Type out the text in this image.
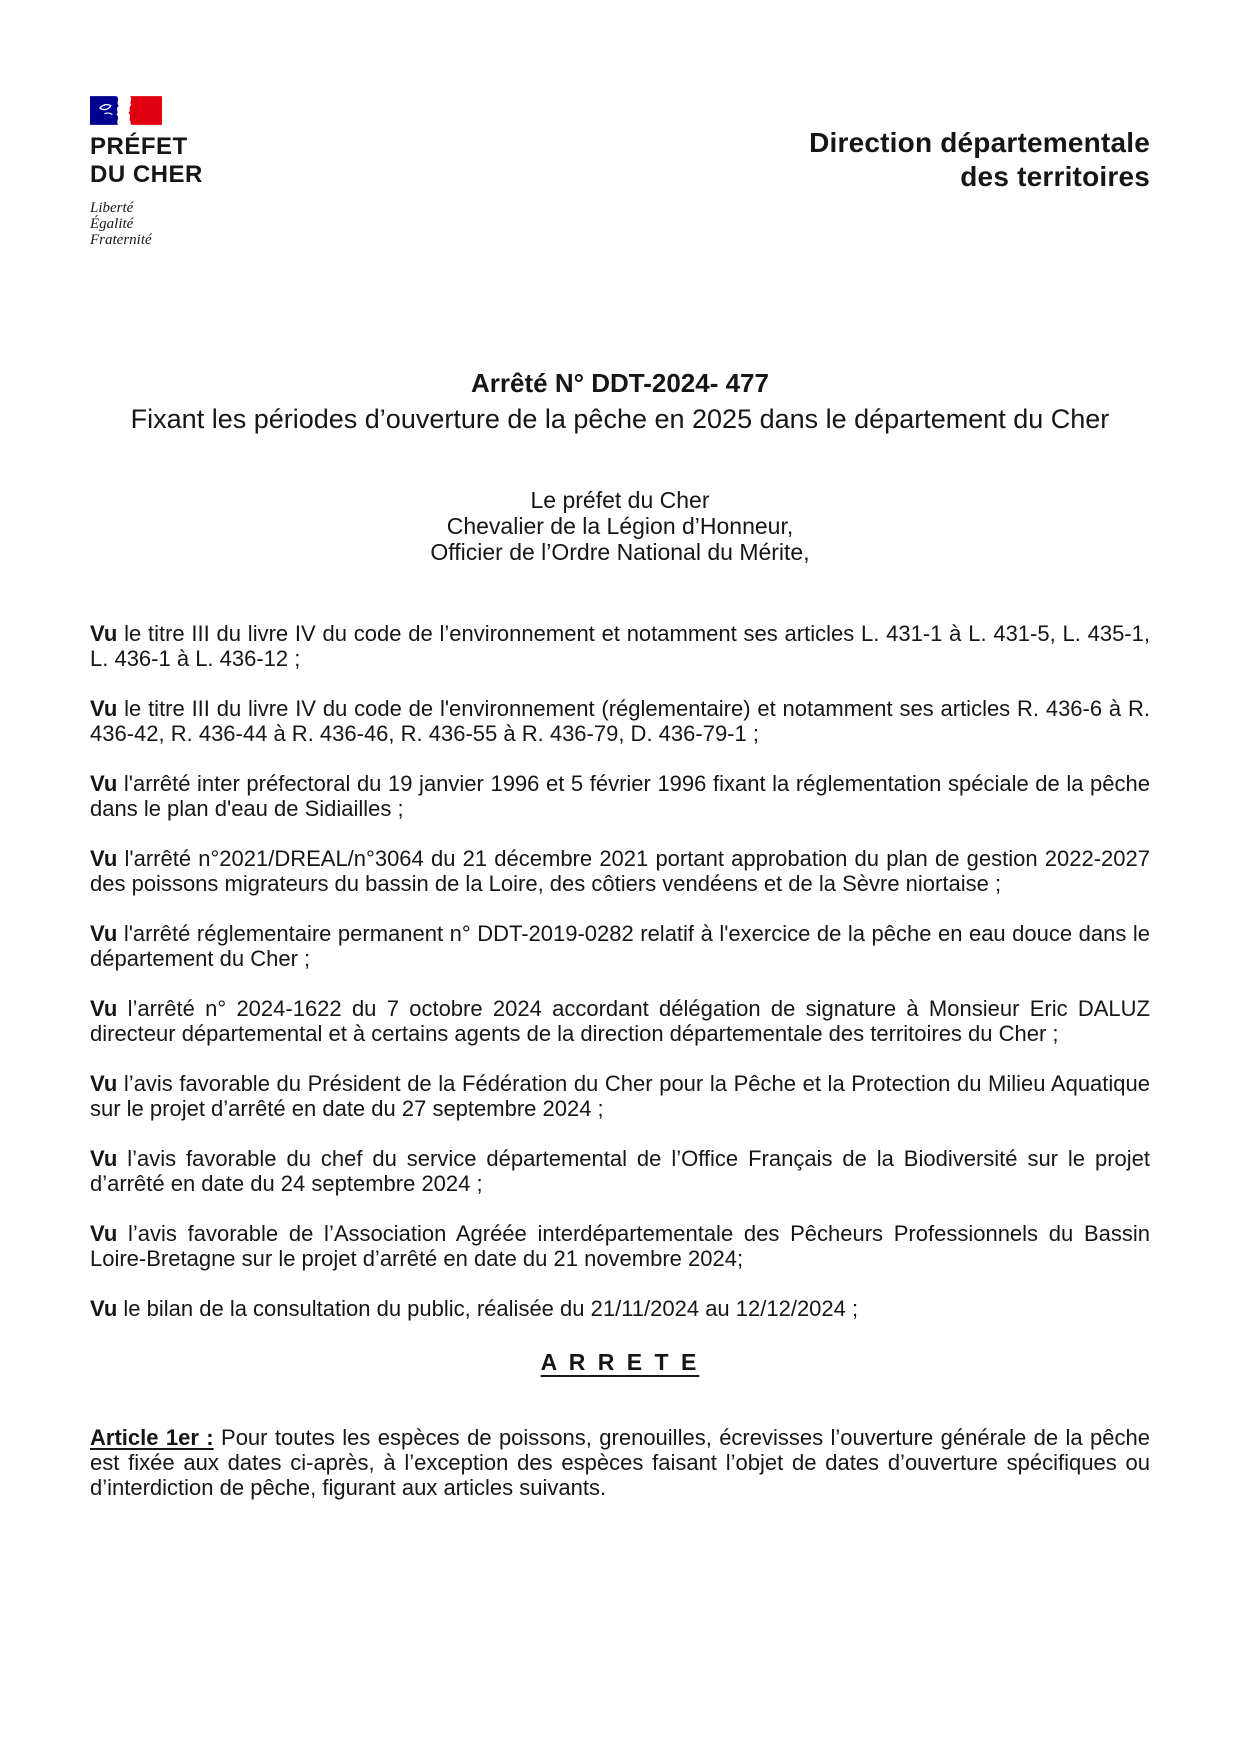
PRÉFET
DU CHER
Liberté
Égalité
Fraternité
Direction départementale
des territoires
Arrêté N° DDT-2024- 477
Fixant les périodes d’ouverture de la pêche en 2025 dans le département du Cher
Le préfet du Cher
Chevalier de la Légion d’Honneur,
Officier de l’Ordre National du Mérite,

Vu le titre III du livre IV du code de l’environnement et notamment ses articles L. 431-1 à L. 431-5, L. 435-1, L. 436-1 à L. 436-12 ;

Vu le titre III du livre IV du code de l'environnement (réglementaire) et notamment ses articles R. 436-6 à R. 436-42, R. 436-44 à R. 436-46, R. 436-55 à R. 436-79, D. 436-79-1 ;

Vu l'arrêté inter préfectoral du 19 janvier 1996 et 5 février 1996 fixant la réglementation spéciale de la pêche dans le plan d'eau de Sidiailles ;

Vu l'arrêté n°2021/DREAL/n°3064 du 21 décembre 2021 portant approbation du plan de gestion 2022-2027 des poissons migrateurs du bassin de la Loire, des côtiers vendéens et de la Sèvre niortaise ;

Vu l'arrêté réglementaire permanent n° DDT-2019-0282 relatif à l'exercice de la pêche en eau douce dans le département du Cher ;

Vu l’arrêté n° 2024-1622 du 7 octobre 2024 accordant délégation de signature à Monsieur Eric DALUZ directeur départemental et à certains agents de la direction départementale des territoires du Cher ;

Vu l’avis favorable du Président de la Fédération du Cher pour la Pêche et la Protection du Milieu Aquatique sur le projet d’arrêté en date du 27 septembre 2024 ;

Vu l’avis favorable du chef du service départemental de l’Office Français de la Biodiversité sur le projet d’arrêté en date du 24 septembre 2024 ;

Vu l’avis favorable de l’Association Agréée interdépartementale des Pêcheurs Professionnels du Bassin Loire-Bretagne sur le projet d’arrêté en date du 21 novembre 2024;

Vu le bilan de la consultation du public, réalisée du 21/11/2024 au 12/12/2024 ;

A R R E T E

Article 1er : Pour toutes les espèces de poissons, grenouilles, écrevisses l’ouverture générale de la pêche est fixée aux dates ci-après, à l’exception des espèces faisant l’objet de dates d’ouverture spécifiques ou d’interdiction de pêche, figurant aux articles suivants.
